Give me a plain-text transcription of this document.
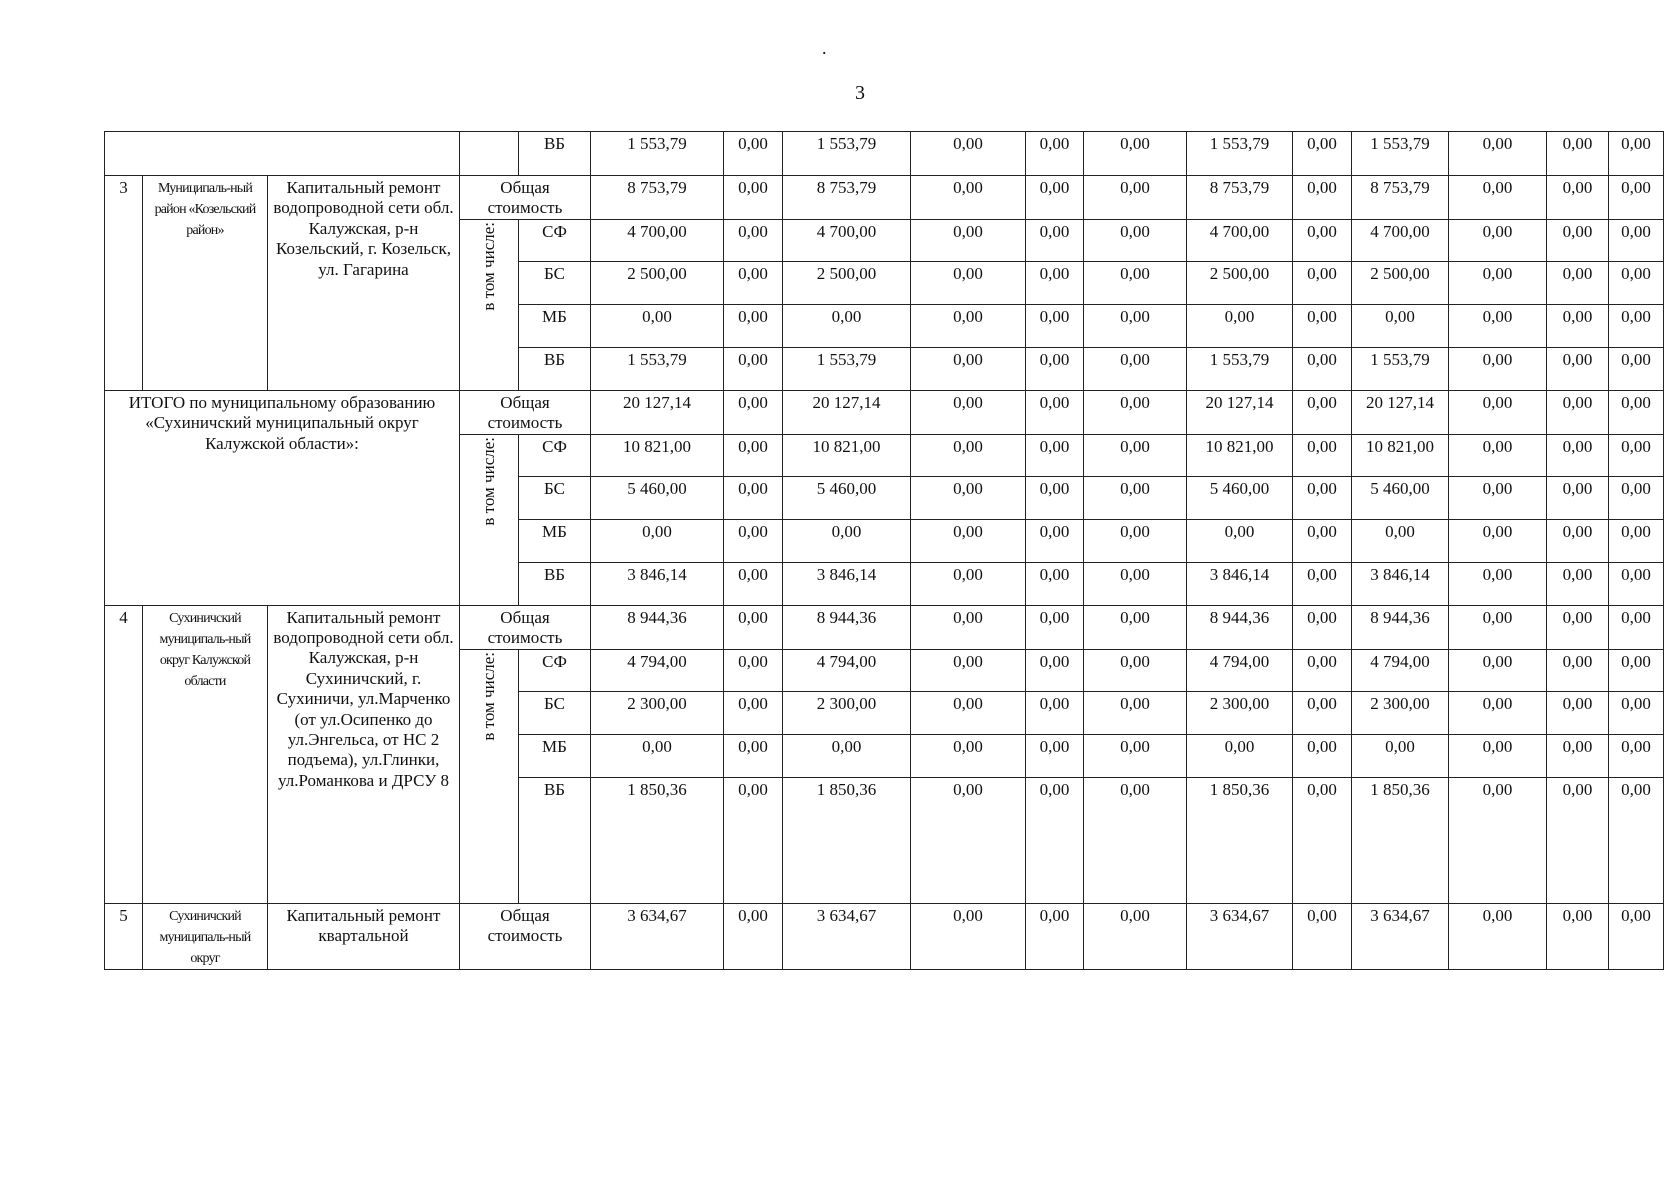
.
3
				ВБ	1 553,79	0,00	1 553,79	0,00	0,00	0,00	1 553,79	0,00	1 553,79	0,00	0,00	0,00
3	Муниципаль-ный район «Козельский район»	Капитальный ремонт водопроводной сети обл. Калужская, р-н Козельский, г. Козельск, ул. Гагарина	Общая стоимость		8 753,79	0,00	8 753,79	0,00	0,00	0,00	8 753,79	0,00	8 753,79	0,00	0,00	0,00
			в том числе:	СФ	4 700,00	0,00	4 700,00	0,00	0,00	0,00	4 700,00	0,00	4 700,00	0,00	0,00	0,00
				БС	2 500,00	0,00	2 500,00	0,00	0,00	0,00	2 500,00	0,00	2 500,00	0,00	0,00	0,00
				МБ	0,00	0,00	0,00	0,00	0,00	0,00	0,00	0,00	0,00	0,00	0,00	0,00
				ВБ	1 553,79	0,00	1 553,79	0,00	0,00	0,00	1 553,79	0,00	1 553,79	0,00	0,00	0,00
ИТОГО по муниципальному образованию «Сухиничский муниципальный округ Калужской области»:			Общая стоимость		20 127,14	0,00	20 127,14	0,00	0,00	0,00	20 127,14	0,00	20 127,14	0,00	0,00	0,00
			в том числе:	СФ	10 821,00	0,00	10 821,00	0,00	0,00	0,00	10 821,00	0,00	10 821,00	0,00	0,00	0,00
				БС	5 460,00	0,00	5 460,00	0,00	0,00	0,00	5 460,00	0,00	5 460,00	0,00	0,00	0,00
				МБ	0,00	0,00	0,00	0,00	0,00	0,00	0,00	0,00	0,00	0,00	0,00	0,00
				ВБ	3 846,14	0,00	3 846,14	0,00	0,00	0,00	3 846,14	0,00	3 846,14	0,00	0,00	0,00
4	Сухиничский муниципаль-ный округ Калужской области	Капитальный ремонт водопроводной сети обл. Калужская, р-н Сухиничский, г. Сухиничи, ул.Марченко (от ул.Осипенко до ул.Энгельса, от НС 2 подъема), ул.Глинки, ул.Романкова и ДРСУ 8	Общая стоимость		8 944,36	0,00	8 944,36	0,00	0,00	0,00	8 944,36	0,00	8 944,36	0,00	0,00	0,00
			в том числе:	СФ	4 794,00	0,00	4 794,00	0,00	0,00	0,00	4 794,00	0,00	4 794,00	0,00	0,00	0,00
				БС	2 300,00	0,00	2 300,00	0,00	0,00	0,00	2 300,00	0,00	2 300,00	0,00	0,00	0,00
				МБ	0,00	0,00	0,00	0,00	0,00	0,00	0,00	0,00	0,00	0,00	0,00	0,00
				ВБ	1 850,36	0,00	1 850,36	0,00	0,00	0,00	1 850,36	0,00	1 850,36	0,00	0,00	0,00
5	Сухиничский муниципаль-ный округ	Капитальный ремонт квартальной	Общая стоимость		3 634,67	0,00	3 634,67	0,00	0,00	0,00	3 634,67	0,00	3 634,67	0,00	0,00	0,00
